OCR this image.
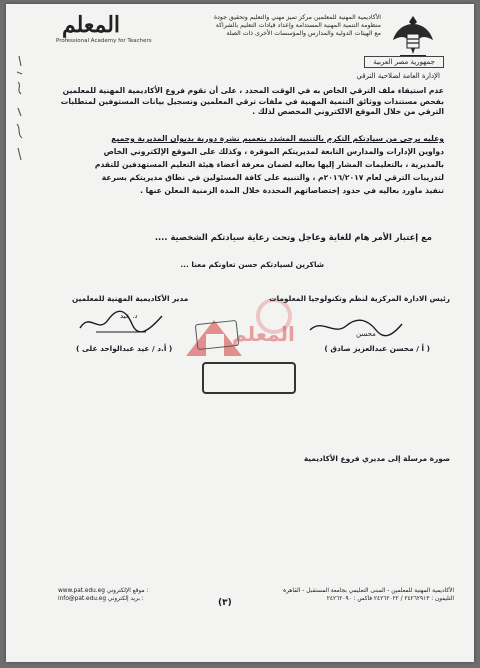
المعلم
Professional Academy for Teachers
الأكاديمية المهنية للمعلمين مركز تميز مهني والتعليم وتحقيق جودة
منظومة التنمية المهنية المستدامة وإعداد قيادات التعليم بالشراكة
مع الهيئات الدولية والمدارس والمؤسسات الأخرى ذات الصلة
جمهورية مصر العربية
الإدارة العامة لصلاحية الترقي
عدم استيفاء ملف الترقي الخاص به في الوقت المحدد ، على أن تقوم فروع الأكاديمية المهنية للمعلمين
بفحص مستندات ووثائق التنمية المهنية في ملفات ترقي المعلمين وتسجيل بيانات المستوفين لمتطلبات
الترقي من خلال الموقع الالكتروني المخصص لذلك .
وعليه يرجى من سيادتكم التكرم بالتنبيه المشدد بتعميم نشرة دورية بديوان المديرية وجميع
دواوين الإدارات والمدارس التابعة لمديريتكم الموقرة ، وكذلك على الموقع الإلكتروني الخاص
بالمديرية ، بالتعليمات المشار إليها بعاليه لضمان معرفة أعضاء هيئة التعليم المستهدفين للتقدم
لتدريبات الترقي لعام ٢٠١٦/٢٠١٧م ، والتنبيه على كافة المسئولين في نطاق مديريتكم بسرعة
تنفيذ ماورد بعاليه في حدود إختصاصاتهم المحددة خلال المدة الزمنية المعلن عنها .
مع إعتبار الأمر هام للغاية وعاجل وتحت رعاية سيادتكم الشخصية ....
شاكرين لسيادتكم حسن تعاونكم معنا ...
المعلم
رئيس الادارة المركزية لنظم وتكنولوجيا المعلومات
مدير الأكاديمية المهنية للمعلمين
د. عيد
محسن
( أ.د / عيد عبدالواحد على )	( أ / محسن عبدالعزيز صادق )
صورة مرسلة إلى مديري فروع الأكاديمية
الأكاديمية المهنية للمعلمين - المبنى التعليمي بجامعة المستقبل - القاهرة
التليفون : ٢٤٢٦٢٩١٣ / ٢٤٢٦٢٠٢٢ فاكس : ٢٤٢٦٢٠٩٠
(٣)
www.pat.edu.eg موقع الإلكتروني :
info@pat.edu.eg بريد إلكتروني :
